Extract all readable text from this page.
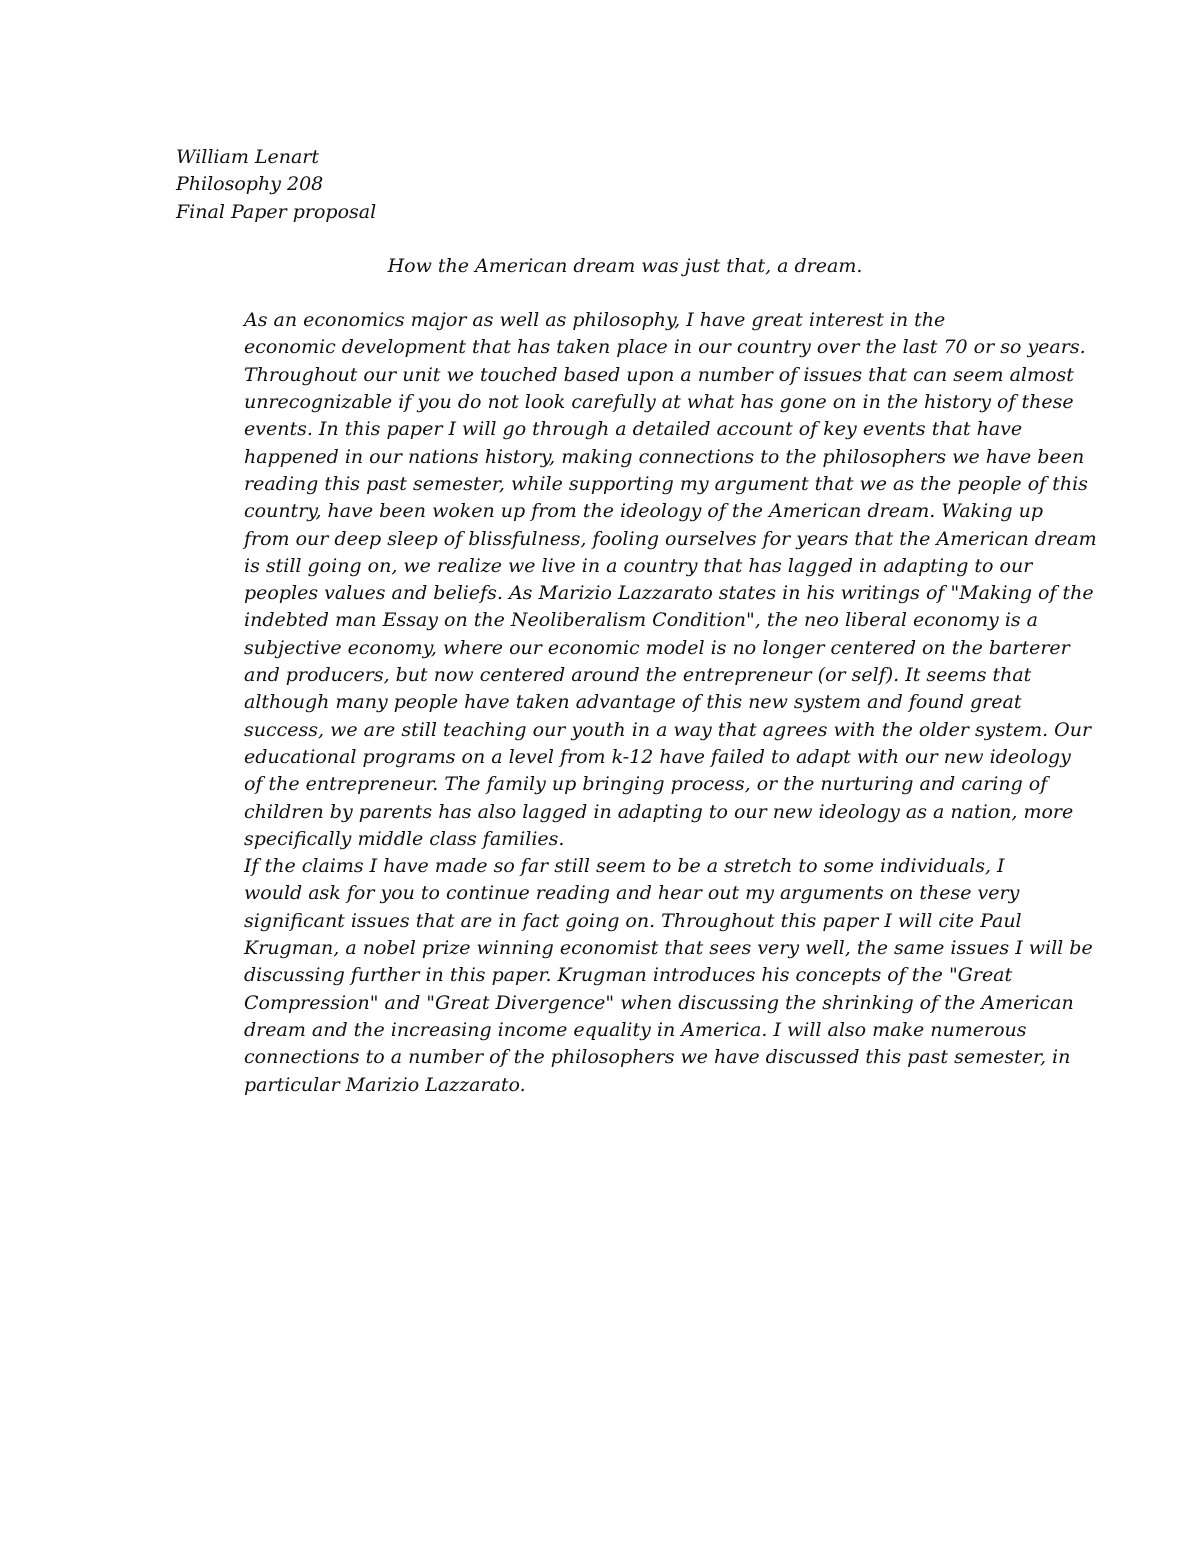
William Lenart
Philosophy 208
Final Paper proposal
How the American dream was just that, a dream.
As an economics major as well as philosophy, I have great interest in the
economic development that has taken place in our country over the last 70 or so years.
Throughout our unit we touched based upon a number of issues that can seem almost
unrecognizable if you do not look carefully at what has gone on in the history of these
events. In this paper I will go through a detailed account of key events that have
happened in our nations history, making connections to the philosophers we have been
reading this past semester, while supporting my argument that we as the people of this
country, have been woken up from the ideology of the American dream. Waking up
from our deep sleep of blissfulness, fooling ourselves for years that the American dream
is still going on, we realize we live in a country that has lagged in adapting to our
peoples values and beliefs. As Marizio Lazzarato states in his writings of "Making of the
indebted man Essay on the Neoliberalism Condition", the neo liberal economy is a
subjective economy, where our economic model is no longer centered on the barterer
and producers, but now centered around the entrepreneur (or self). It seems that
although many people have taken advantage of this new system and found great
success, we are still teaching our youth in a way that agrees with the older system. Our
educational programs on a level from k-12 have failed to adapt with our new ideology
of the entrepreneur. The family up bringing process, or the nurturing and caring of
children by parents has also lagged in adapting to our new ideology as a nation, more
specifically middle class families.
If the claims I have made so far still seem to be a stretch to some individuals, I
would ask for you to continue reading and hear out my arguments on these very
significant issues that are in fact going on. Throughout this paper I will cite Paul
Krugman, a nobel prize winning economist that sees very well, the same issues I will be
discussing further in this paper. Krugman introduces his concepts of the "Great
Compression" and "Great Divergence" when discussing the shrinking of the American
dream and the increasing income equality in America. I will also make numerous
connections to a number of the philosophers we have discussed this past semester, in
particular Marizio Lazzarato.
